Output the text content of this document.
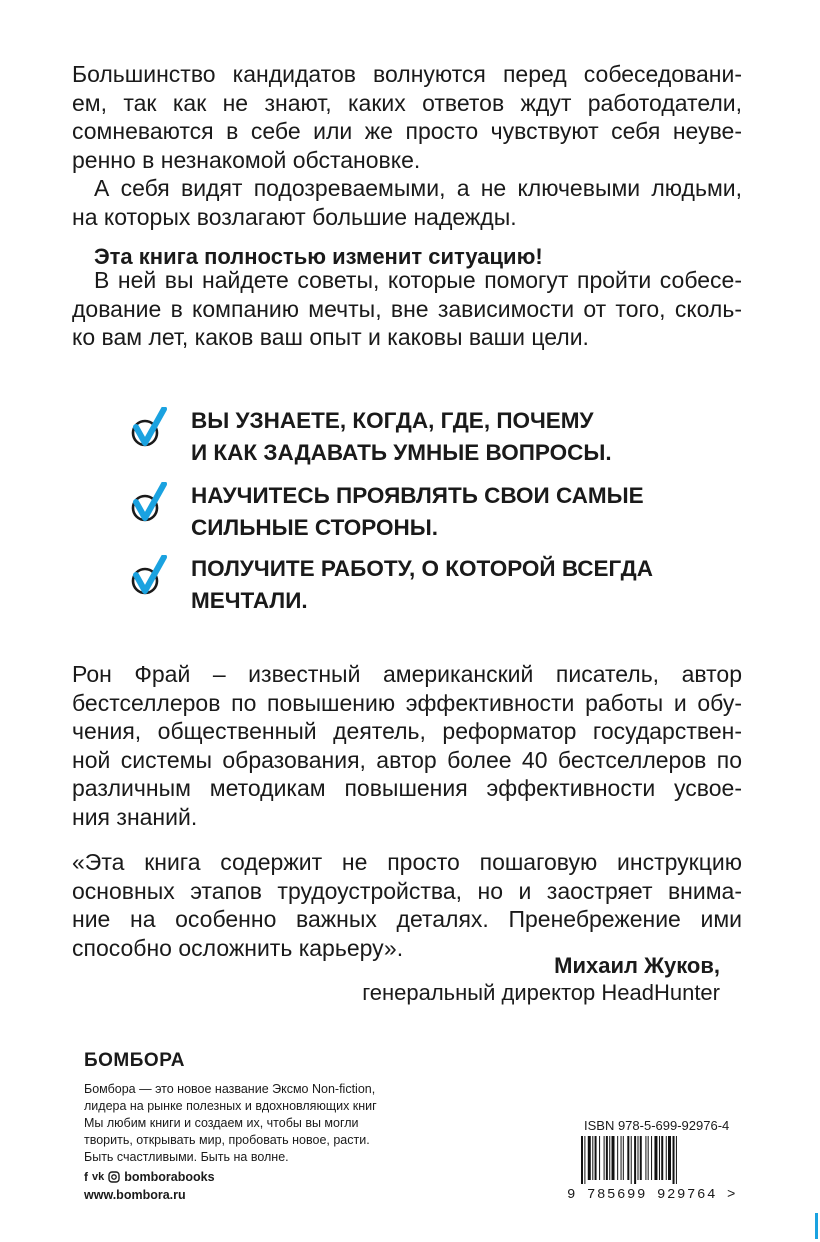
Большинство кандидатов волнуются перед собеседовани-
ем, так как не знают, каких ответов ждут работодатели,
сомневаются в себе или же просто чувствуют себя неуве-
ренно в незнакомой обстановке.
А себя видят подозреваемыми, а не ключевыми людьми,
на которых возлагают большие надежды.

Эта книга полностью изменит ситуацию!

В ней вы найдете советы, которые помогут пройти собесе-
дование в компанию мечты, вне зависимости от того, сколь-
ко вам лет, каков ваш опыт и каковы ваши цели.

ВЫ УЗНАЕТЕ, КОГДА, ГДЕ, ПОЧЕМУ
И КАК ЗАДАВАТЬ УМНЫЕ ВОПРОСЫ.
НАУЧИТЕСЬ ПРОЯВЛЯТЬ СВОИ САМЫЕ
СИЛЬНЫЕ СТОРОНЫ.
ПОЛУЧИТЕ РАБОТУ, О КОТОРОЙ ВСЕГДА
МЕЧТАЛИ.

Рон Фрай – известный американский писатель, автор
бестселлеров по повышению эффективности работы и обу-
чения, общественный деятель, реформатор государствен-
ной системы образования, автор более 40 бестселлеров по
различным методикам повышения эффективности усвое-
ния знаний.

«Эта книга содержит не просто пошаговую инструкцию
основных этапов трудоустройства, но и заостряет внима-
ние на особенно важных деталях. Пренебрежение ими
способно осложнить карьеру».

Михаил Жуков,

генеральный директор HeadHunter

БОМБОРА

Бомбора — это новое название Эксмо Non-fiction,
лидера на рынке полезных и вдохновляющих книг
Мы любим книги и создаем их, чтобы вы могли
творить, открывать мир, пробовать новое, расти.
Быть счастливыми. Быть на волне.

f vk bomborabooks

www.bombora.ru

ISBN 978-5-699-92976-4

9 785699 929764 >
